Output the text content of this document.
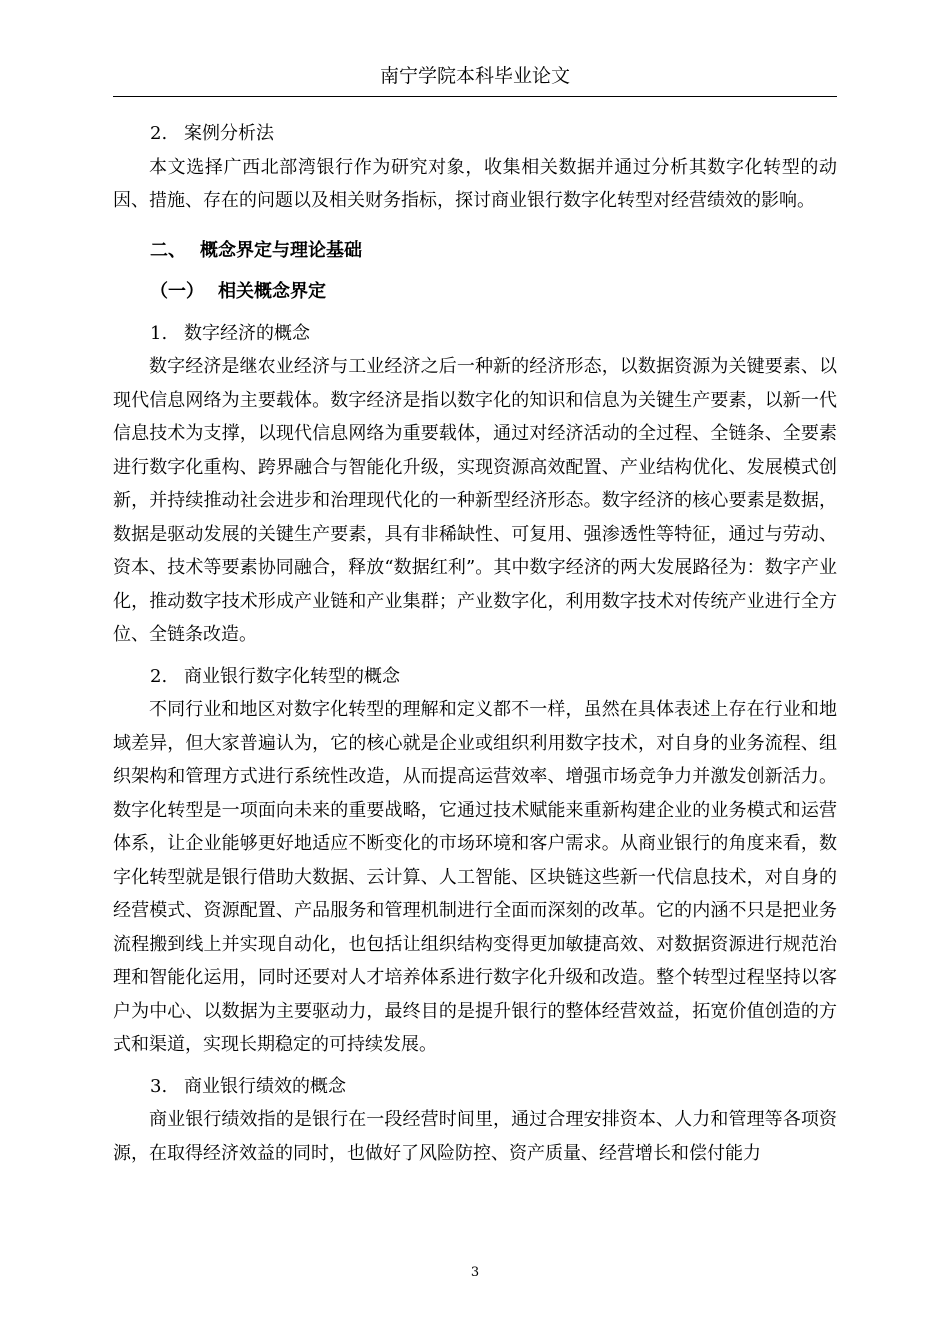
南宁学院本科毕业论文

2. 案例分析法

本文选择广西北部湾银行作为研究对象，收集相关数据并通过分析其数字化转型的动因、措施、存在的问题以及相关财务指标，探讨商业银行数字化转型对经营绩效的影响。

二、 概念界定与理论基础

（一） 相关概念界定

1. 数字经济的概念

数字经济是继农业经济与工业经济之后一种新的经济形态，以数据资源为关键要素、以现代信息网络为主要载体。数字经济是指以数字化的知识和信息为关键生产要素，以新一代信息技术为支撑，以现代信息网络为重要载体，通过对经济活动的全过程、全链条、全要素进行数字化重构、跨界融合与智能化升级，实现资源高效配置、产业结构优化、发展模式创新，并持续推动社会进步和治理现代化的一种新型经济形态。数字经济的核心要素是数据，数据是驱动发展的关键生产要素，具有非稀缺性、可复用、强渗透性等特征，通过与劳动、资本、技术等要素协同融合，释放“数据红利”。其中数字经济的两大发展路径为：数字产业化，推动数字技术形成产业链和产业集群；产业数字化，利用数字技术对传统产业进行全方位、全链条改造。

2. 商业银行数字化转型的概念

不同行业和地区对数字化转型的理解和定义都不一样，虽然在具体表述上存在行业和地域差异，但大家普遍认为，它的核心就是企业或组织利用数字技术，对自身的业务流程、组织架构和管理方式进行系统性改造，从而提高运营效率、增强市场竞争力并激发创新活力。数字化转型是一项面向未来的重要战略，它通过技术赋能来重新构建企业的业务模式和运营体系，让企业能够更好地适应不断变化的市场环境和客户需求。从商业银行的角度来看，数字化转型就是银行借助大数据、云计算、人工智能、区块链这些新一代信息技术，对自身的经营模式、资源配置、产品服务和管理机制进行全面而深刻的改革。它的内涵不只是把业务流程搬到线上并实现自动化，也包括让组织结构变得更加敏捷高效、对数据资源进行规范治理和智能化运用，同时还要对人才培养体系进行数字化升级和改造。整个转型过程坚持以客户为中心、以数据为主要驱动力，最终目的是提升银行的整体经营效益，拓宽价值创造的方式和渠道，实现长期稳定的可持续发展。

3. 商业银行绩效的概念

商业银行绩效指的是银行在一段经营时间里，通过合理安排资本、人力和管理等各项资源，在取得经济效益的同时，也做好了风险防控、资产质量、经营增长和偿付能力

3
